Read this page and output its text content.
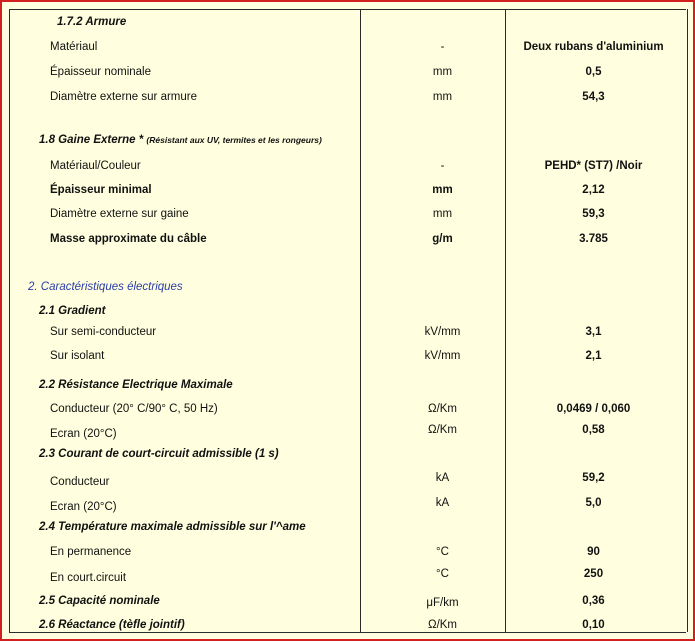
1.7.2 Armure
Matériaul	-	Deux rubans d'aluminium
Épaisseur nominale	mm	0,5
Diamètre externe sur armure	mm	54,3
1.8 Gaine Externe * (Résistant aux UV, termites et les rongeurs)
Matériaul/Couleur	-	PEHD* (ST7) /Noir
Épaisseur minimal	mm	2,12
Diamètre externe sur gaine	mm	59,3
Masse approximate du câble	g/m	3.785
2. Caractéristiques électriques
2.1 Gradient
Sur semi-conducteur	kV/mm	3,1
Sur isolant	kV/mm	2,1
2.2 Résistance Electrique Maximale
Conducteur (20° C/90° C, 50 Hz)	Ω/Km	0,0469 / 0,060
Ecran (20°C)	Ω/Km	0,58
2.3 Courant de court-circuit admissible (1 s)
Conducteur	kA	59,2
Ecran (20°C)	kA	5,0
2.4 Température maximale admissible sur l'^ame
En permanence	°C	90
En court.circuit	°C	250
2.5 Capacité nominale	μF/km	0,36
2.6 Réactance (tèfle jointif)	Ω/Km	0,10
